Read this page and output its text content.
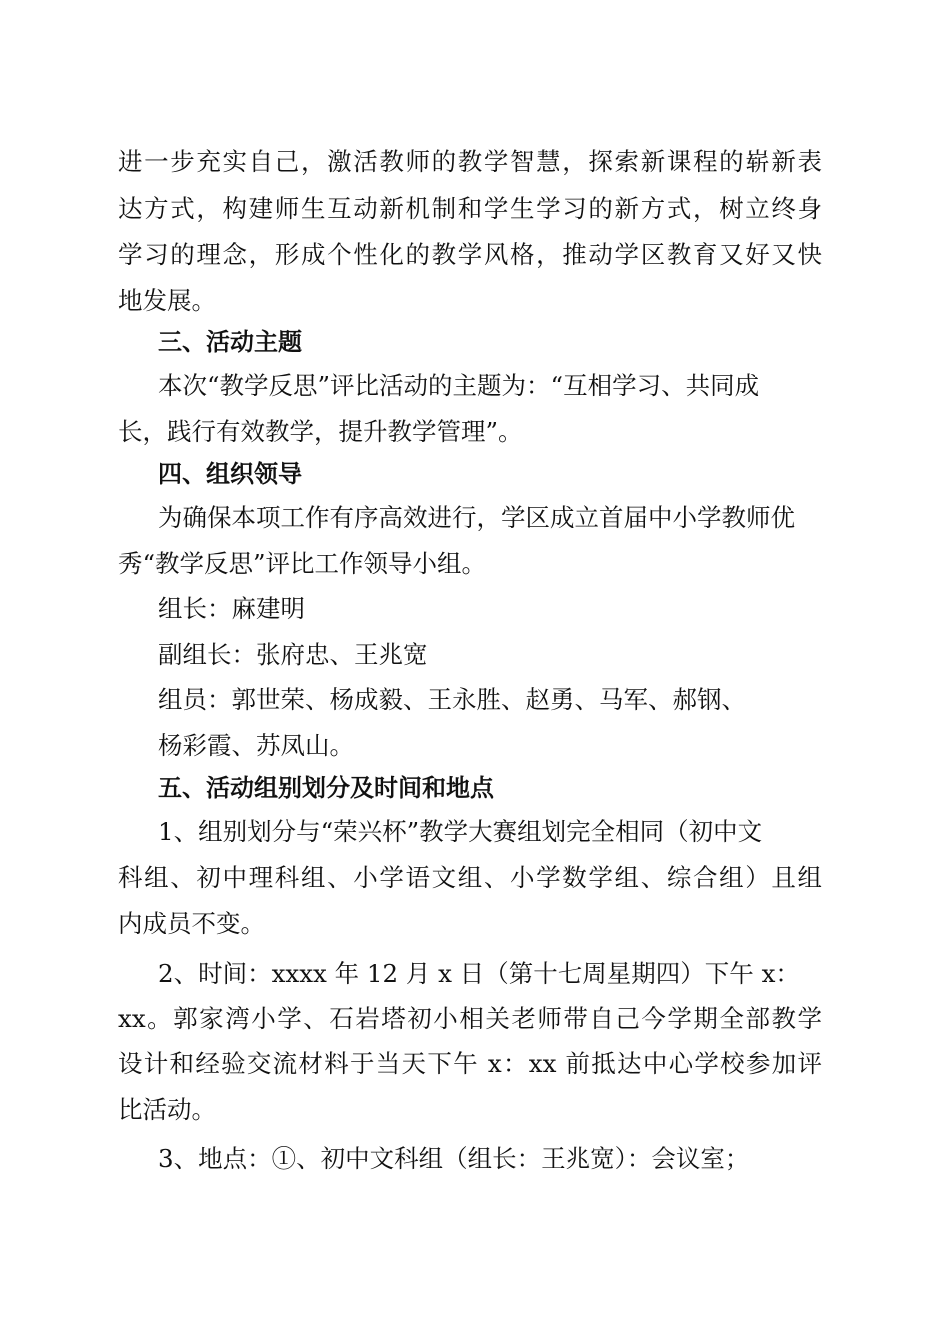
进一步充实自己，激活教师的教学智慧，探索新课程的崭新表
达方式，构建师生互动新机制和学生学习的新方式，树立终身
学习的理念，形成个性化的教学风格，推动学区教育又好又快
地发展。
三、活动主题
本次“教学反思”评比活动的主题为：“互相学习、共同成
长，践行有效教学，提升教学管理”。
四、组织领导
为确保本项工作有序高效进行，学区成立首届中小学教师优
秀“教学反思”评比工作领导小组。
组长：麻建明
副组长：张府忠、王兆宽
组员：郭世荣、杨成毅、王永胜、赵勇、马军、郝钢、
杨彩霞、苏凤山。
五、活动组别划分及时间和地点
1、组别划分与“荣兴杯”教学大赛组划完全相同（初中文
科组、初中理科组、小学语文组、小学数学组、综合组）且组
内成员不变。
2、时间：xxxx 年 12 月 x 日（第十七周星期四）下午 x：
xx。郭家湾小学、石岩塔初小相关老师带自己今学期全部教学
设计和经验交流材料于当天下午 x：xx 前抵达中心学校参加评
比活动。
3、地点：①、初中文科组（组长：王兆宽）：会议室；
